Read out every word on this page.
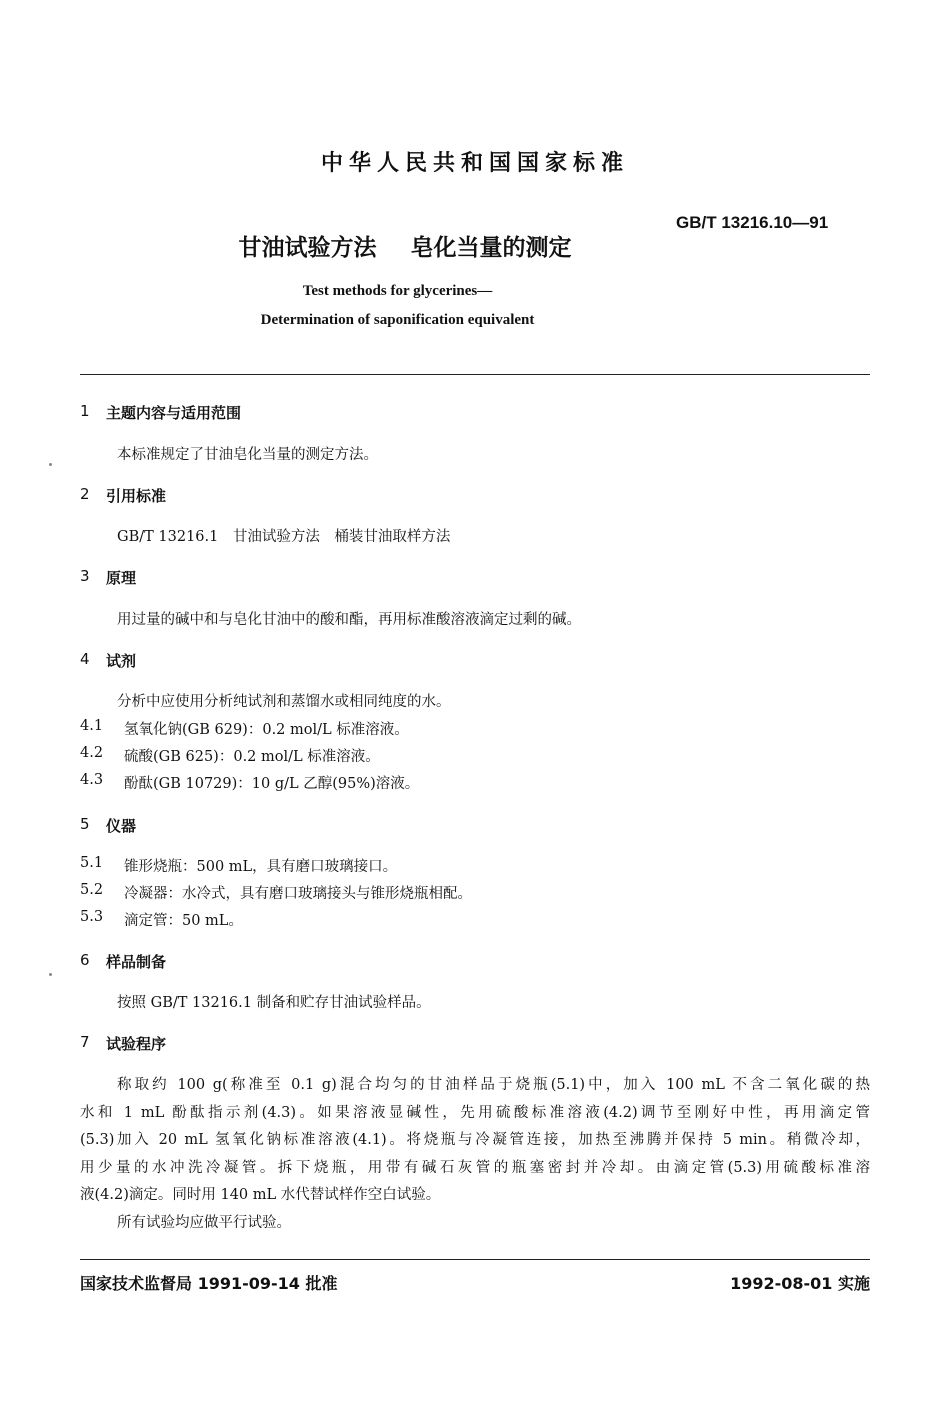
中华人民共和国国家标准
GB/T 13216.10—91
甘油试验方法 皂化当量的测定
Test methods for glycerines—
Determination of saponification equivalent
1 主题内容与适用范围
本标准规定了甘油皂化当量的测定方法。
2 引用标准
GB/T 13216.1　甘油试验方法　桶装甘油取样方法
3 原理
用过量的碱中和与皂化甘油中的酸和酯，再用标准酸溶液滴定过剩的碱。
4 试剂
分析中应使用分析纯试剂和蒸馏水或相同纯度的水。
4.1 氢氧化钠(GB 629)：0.2 mol/L 标准溶液。
4.2 硫酸(GB 625)：0.2 mol/L 标准溶液。
4.3 酚酞(GB 10729)：10 g/L 乙醇(95%)溶液。
5 仪器
5.1 锥形烧瓶：500 mL，具有磨口玻璃接口。
5.2 冷凝器：水冷式，具有磨口玻璃接头与锥形烧瓶相配。
5.3 滴定管：50 mL。
6 样品制备
按照 GB/T 13216.1 制备和贮存甘油试验样品。
7 试验程序
称取约 100 g(称准至 0.1 g)混合均匀的甘油样品于烧瓶(5.1)中，加入 100 mL 不含二氧化碳的热
水和 1 mL 酚酞指示剂(4.3)。如果溶液显碱性，先用硫酸标准溶液(4.2)调节至刚好中性，再用滴定管
(5.3)加入 20 mL 氢氧化钠标准溶液(4.1)。将烧瓶与冷凝管连接，加热至沸腾并保持 5 min。稍微冷却，
用少量的水冲洗冷凝管。拆下烧瓶，用带有碱石灰管的瓶塞密封并冷却。由滴定管(5.3)用硫酸标准溶
液(4.2)滴定。同时用 140 mL 水代替试样作空白试验。
所有试验均应做平行试验。
国家技术监督局 1991-09-14 批准	1992-08-01 实施
